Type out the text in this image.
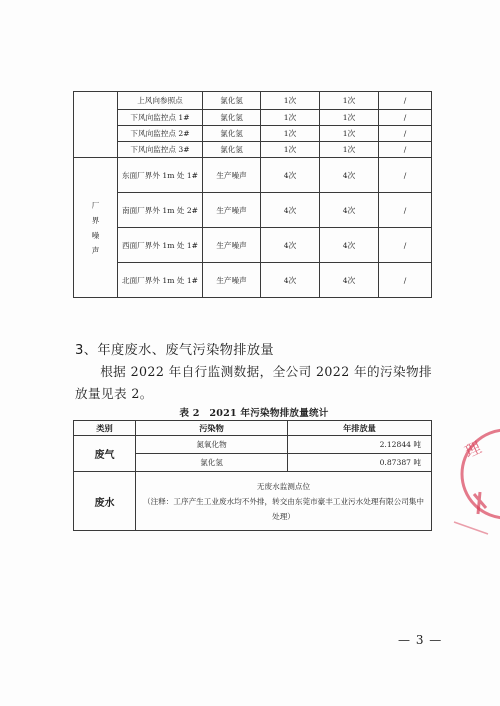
	上风向参照点	氯化氢	1次	1次	/
	下风向监控点 1#	氯化氢	1次	1次	/
	下风向监控点 2#	氯化氢	1次	1次	/
	下风向监控点 3#	氯化氢	1次	1次	/
厂界噪声	东面厂界外 1m 处 1#	生产噪声	4次	4次	/
	南面厂界外 1m 处 2#	生产噪声	4次	4次	/
	西面厂界外 1m 处 1#	生产噪声	4次	4次	/
	北面厂界外 1m 处 1#	生产噪声	4次	4次	/
3、年度废水、废气污染物排放量
根据 2022 年自行监测数据，全公司 2022 年的污染物排放量见表 2。
表 2　2021 年污染物排放量统计
类别	污染物	年排放量
废气	氮氧化物	2.12844 吨
	氯化氢	0.87387 吨
废水	无废水监测点位
（注释：工序产生工业废水均不外排，转交由东莞市豪丰工业污水处理有限公司集中处理）	
— 3 —
理
